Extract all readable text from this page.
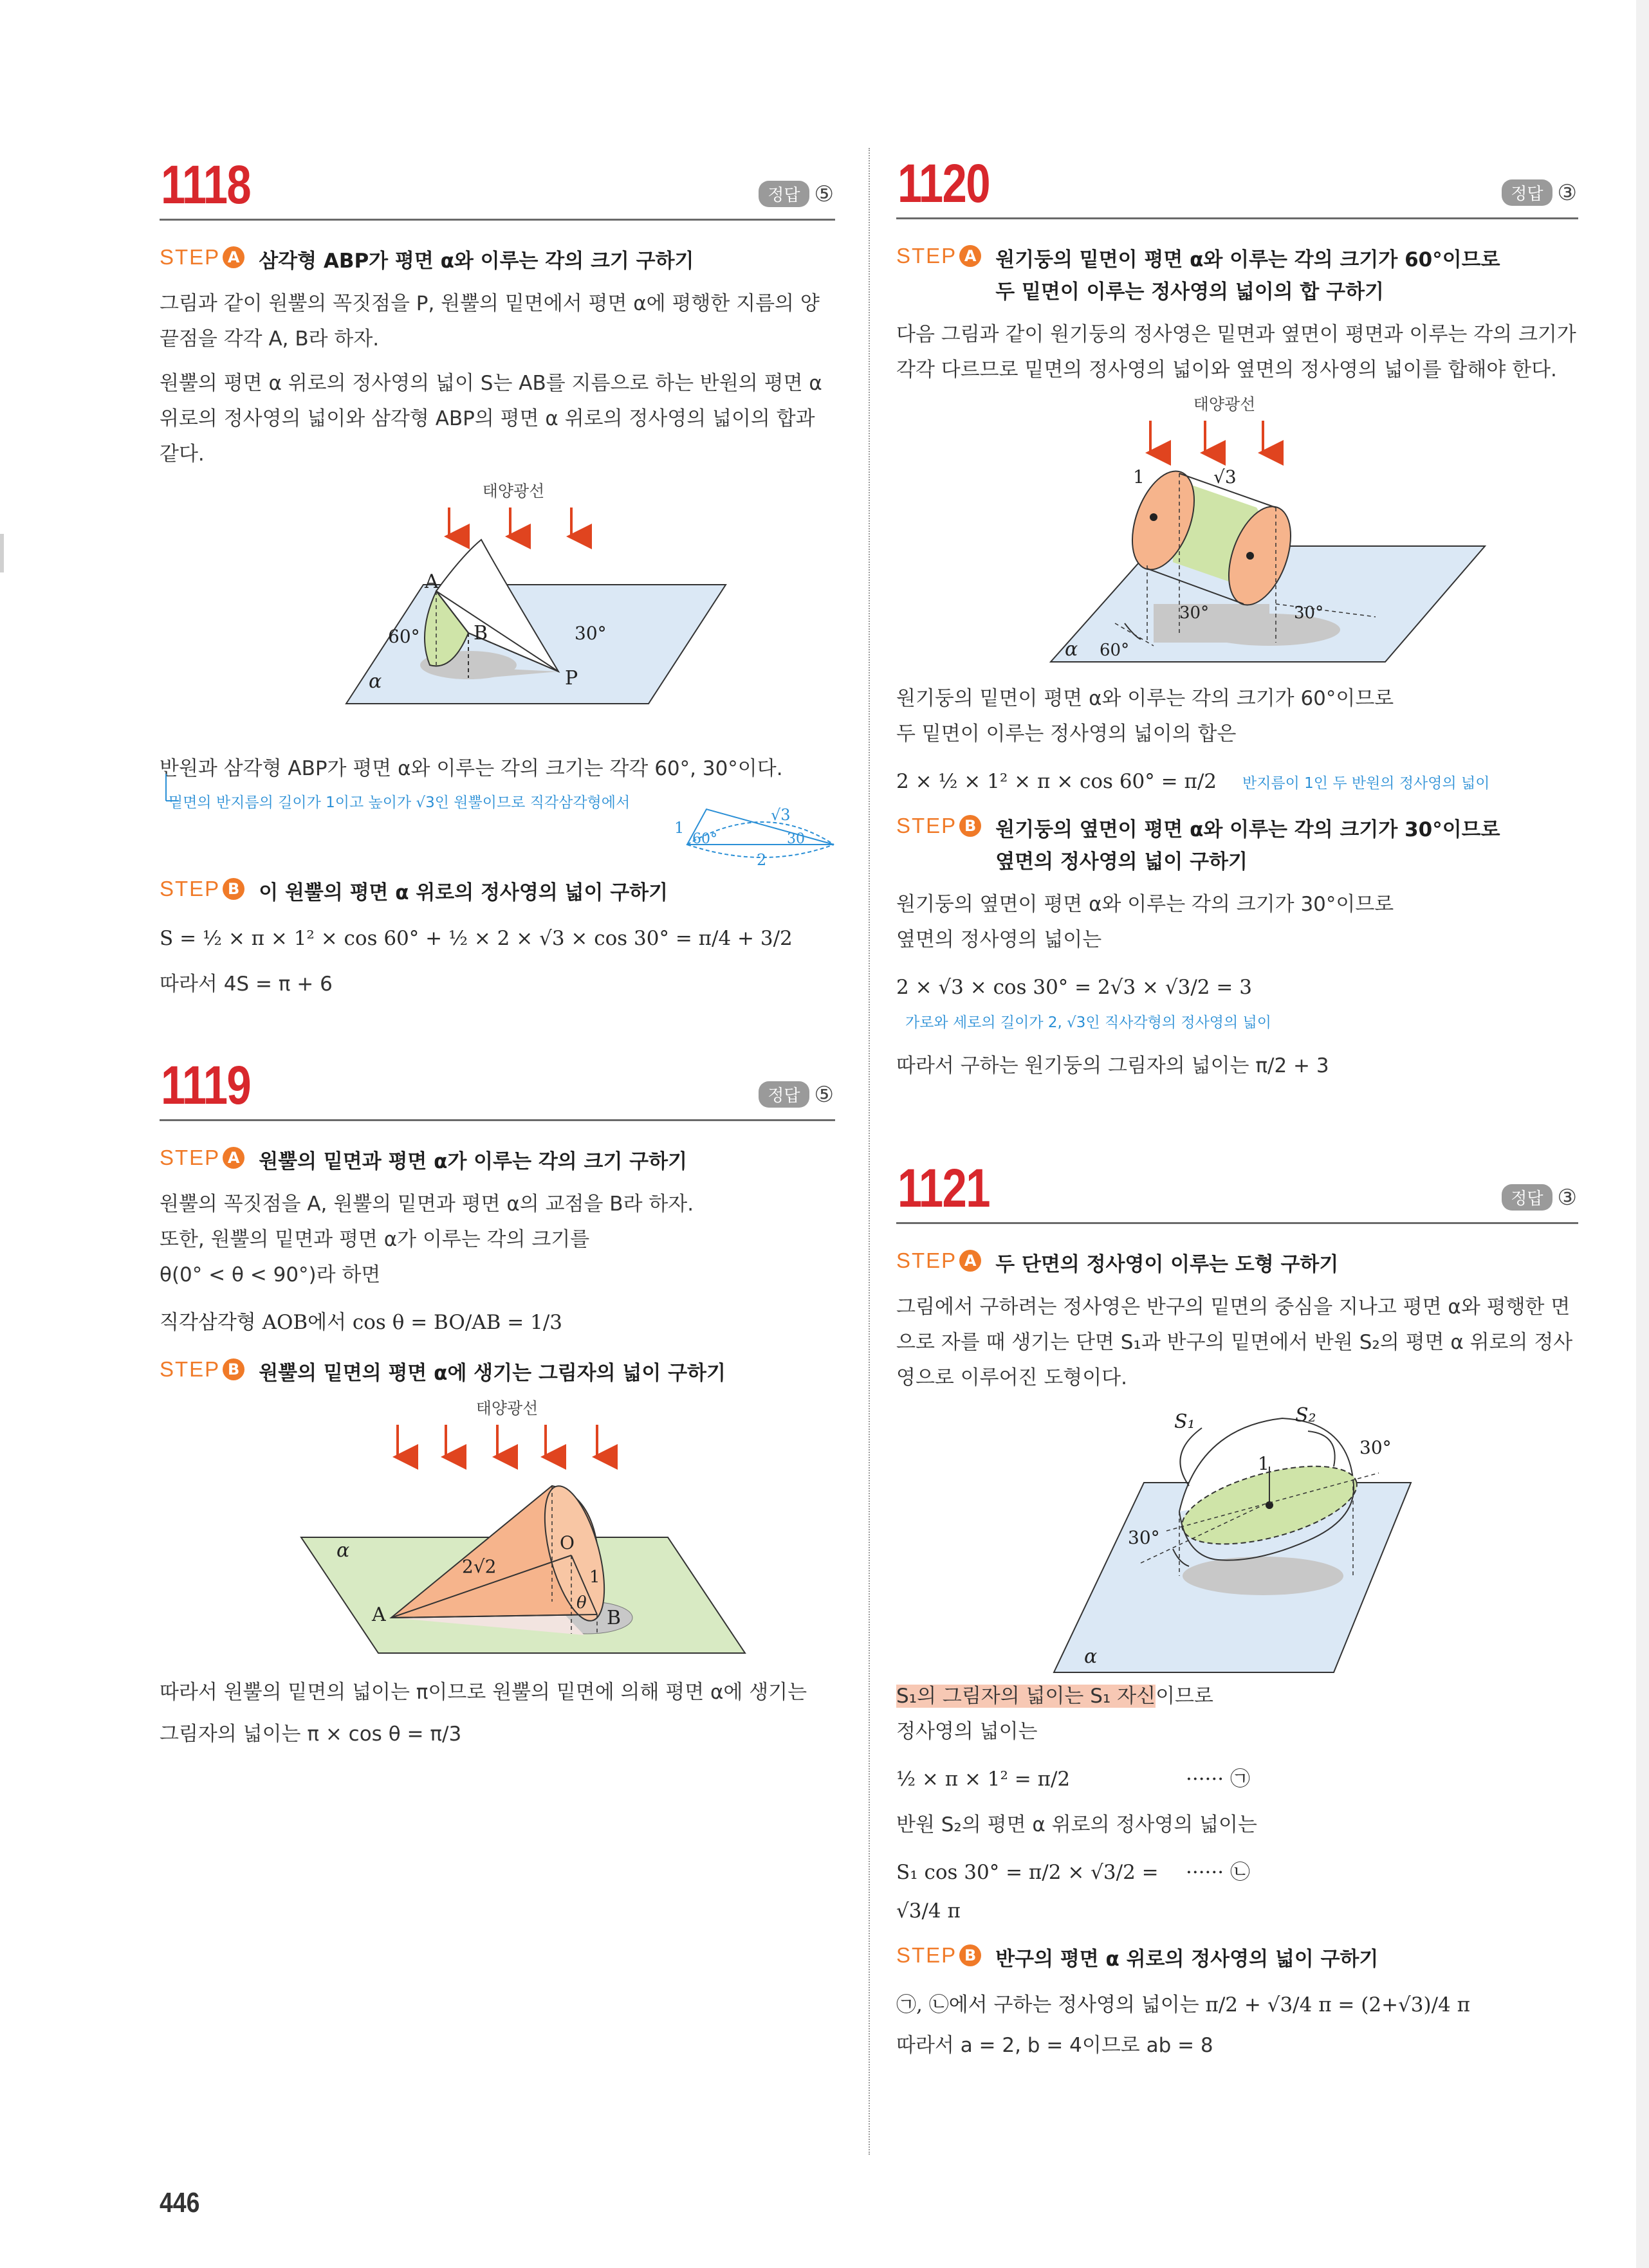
1118	정답 ⑤
STEP A 삼각형 ABP가 평면 α와 이루는 각의 크기 구하기
그림과 같이 원뿔의 꼭짓점을 P, 원뿔의 밑면에서 평면 α에 평행한 지름의 양 끝점을 각각 A, B라 하자.
원뿔의 평면 α 위로의 정사영의 넓이 S는 AB를 지름으로 하는 반원의 평면 α 위로의 정사영의 넓이와 삼각형 ABP의 평면 α 위로의 정사영의 넓이의 합과 같다.
태양광선
A
B
P
α
60°	30°
반원과 삼각형 ABP가 평면 α와 이루는 각의 크기는 각각 60°, 30°이다.
밑면의 반지름의 길이가 1이고 높이가 √3인 원뿔이므로 직각삼각형에서
1
√3
60°	30
2
STEP B 이 원뿔의 평면 α 위로의 정사영의 넓이 구하기
S = ½ × π × 1² × cos 60° + ½ × 2 × √3 × cos 30° = π/4 + 3/2
따라서 4S = π + 6
1119	정답 ⑤
STEP A 원뿔의 밑면과 평면 α가 이루는 각의 크기 구하기
원뿔의 꼭짓점을 A, 원뿔의 밑면과 평면 α의 교점을 B라 하자.
또한, 원뿔의 밑면과 평면 α가 이루는 각의 크기를
θ(0° < θ < 90°)라 하면
직각삼각형 AOB에서 cos θ = BO/AB = 1/3
STEP B 원뿔의 밑면의 평면 α에 생기는 그림자의 넓이 구하기
태양광선
α
A	B
O
2√2	1
θ
따라서 원뿔의 밑면의 넓이는 π이므로 원뿔의 밑면에 의해 평면 α에 생기는
그림자의 넓이는 π × cos θ = π/3
446
1120	정답 ③
STEP A 원기둥의 밑면이 평면 α와 이루는 각의 크기가 60°이므로
두 밑면이 이루는 정사영의 넓이의 합 구하기
다음 그림과 같이 원기둥의 정사영은 밑면과 옆면이 평면과 이루는 각의 크기가 각각 다르므로 밑면의 정사영의 넓이와 옆면의 정사영의 넓이를 합해야 한다.
태양광선
1	√3
30°	30°
α 60°
원기둥의 밑면이 평면 α와 이루는 각의 크기가 60°이므로
두 밑면이 이루는 정사영의 넓이의 합은
2 × ½ × 1² × π × cos 60° = π/2 반지름이 1인 두 반원의 정사영의 넓이
STEP B 원기둥의 옆면이 평면 α와 이루는 각의 크기가 30°이므로
옆면의 정사영의 넓이 구하기
원기둥의 옆면이 평면 α와 이루는 각의 크기가 30°이므로
옆면의 정사영의 넓이는
2 × √3 × cos 30° = 2√3 × √3/2 = 3
가로와 세로의 길이가 2, √3인 직사각형의 정사영의 넓이
따라서 구하는 원기둥의 그림자의 넓이는 π/2 + 3
1121	정답 ③
STEP A 두 단면의 정사영이 이루는 도형 구하기
그림에서 구하려는 정사영은 반구의 밑면의 중심을 지나고 평면 α와 평행한 면으로 자를 때 생기는 단면 S₁과 반구의 밑면에서 반원 S₂의 평면 α 위로의 정사영으로 이루어진 도형이다.
S₁	S₂
1
30°
30°
α
S₁의 그림자의 넓이는 S₁ 자신이므로
정사영의 넓이는
½ × π × 1² = π/2	······ ㉠
반원 S₂의 평면 α 위로의 정사영의 넓이는
S₁ cos 30° = π/2 × √3/2 = √3/4 π
······ ㉡
STEP B 반구의 평면 α 위로의 정사영의 넓이 구하기
㉠, ㉡에서 구하는 정사영의 넓이는 π/2 + √3/4 π = (2+√3)/4 π
따라서 a = 2, b = 4이므로 ab = 8
